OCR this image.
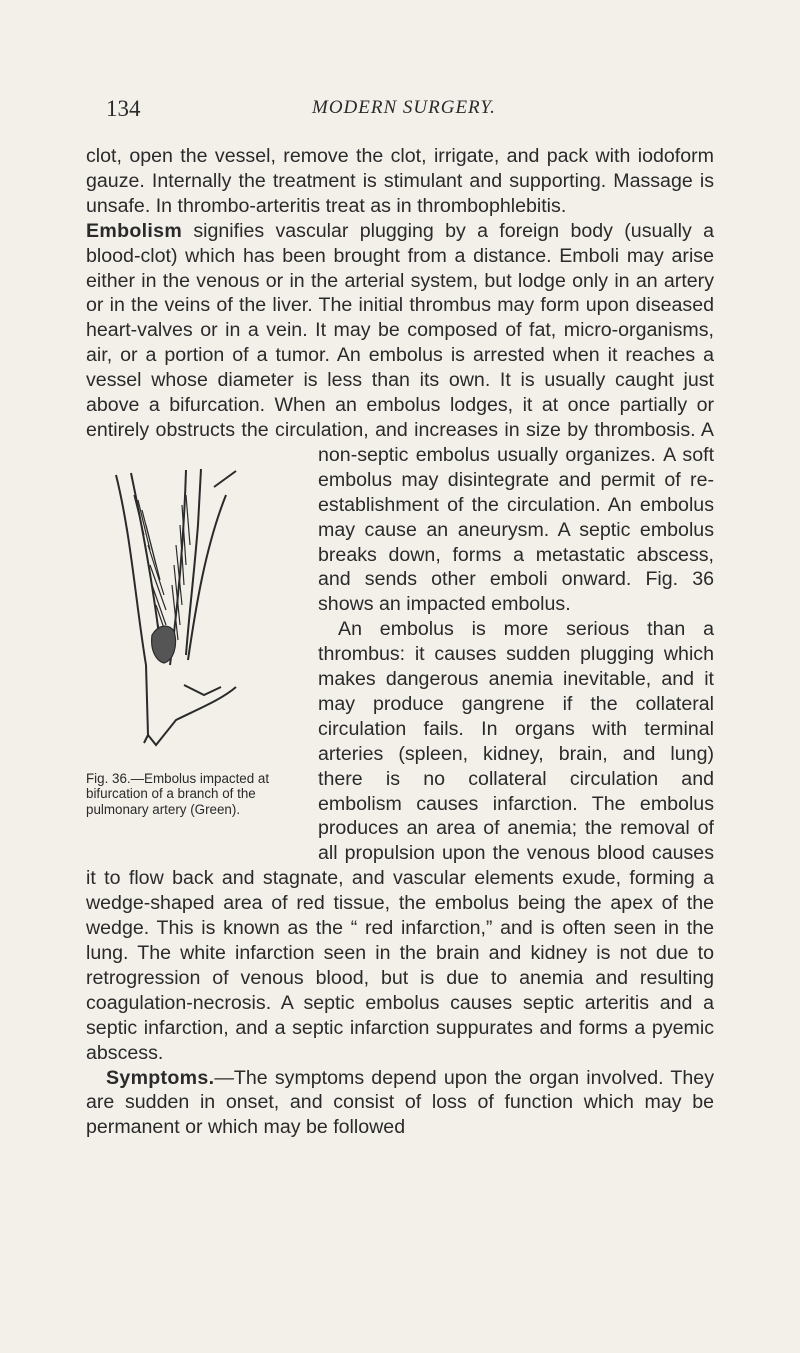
134	MODERN SURGERY.

clot, open the vessel, remove the clot, irrigate, and pack with iodoform gauze. Internally the treatment is stimulant and supporting. Massage is unsafe. In thrombo-arteritis treat as in thrombophlebitis.

Embolism signifies vascular plugging by a foreign body (usually a blood-clot) which has been brought from a distance. Emboli may arise either in the venous or in the arterial system, but lodge only in an artery or in the veins of the liver. The initial thrombus may form upon diseased heart-valves or in a vein. It may be composed of fat, micro-organisms, air, or a portion of a tumor. An embolus is arrested when it reaches a vessel whose diameter is less than its own. It is usually caught just above a bifurcation. When an embolus lodges, it at once partially or entirely obstructs the circulation, and increases in size by thrombosis. A non-septic embolus usually organizes.

Fig. 36.—Embolus impacted at bifurcation of a branch of the pulmonary artery (Green).
A soft embolus may disintegrate and permit of re-establishment of the circulation. An embolus may cause an aneurysm. A septic embolus breaks down, forms a metastatic abscess, and sends other emboli onward. Fig. 36 shows an impacted embolus.

An embolus is more serious than a thrombus: it causes sudden plugging which makes dangerous anemia inevitable, and it may produce gangrene if the collateral circulation fails. In organs with terminal arteries (spleen, kidney, brain, and lung) there is no collateral circulation and embolism causes infarction. The embolus produces an area of anemia; the removal of all propulsion upon the venous blood causes it to flow back and stagnate, and vascular elements exude, forming a wedge-shaped area of red tissue, the embolus being the apex of the wedge. This is known as the “ red infarction,” and is often seen in the lung. The white infarction seen in the brain and kidney is not due to retrogression of venous blood, but is due to anemia and resulting coagulation-necrosis. A septic embolus causes septic arteritis and a septic infarction, and a septic infarction suppurates and forms a pyemic abscess.

Symptoms.—The symptoms depend upon the organ involved. They are sudden in onset, and consist of loss of function which may be permanent or which may be followed
